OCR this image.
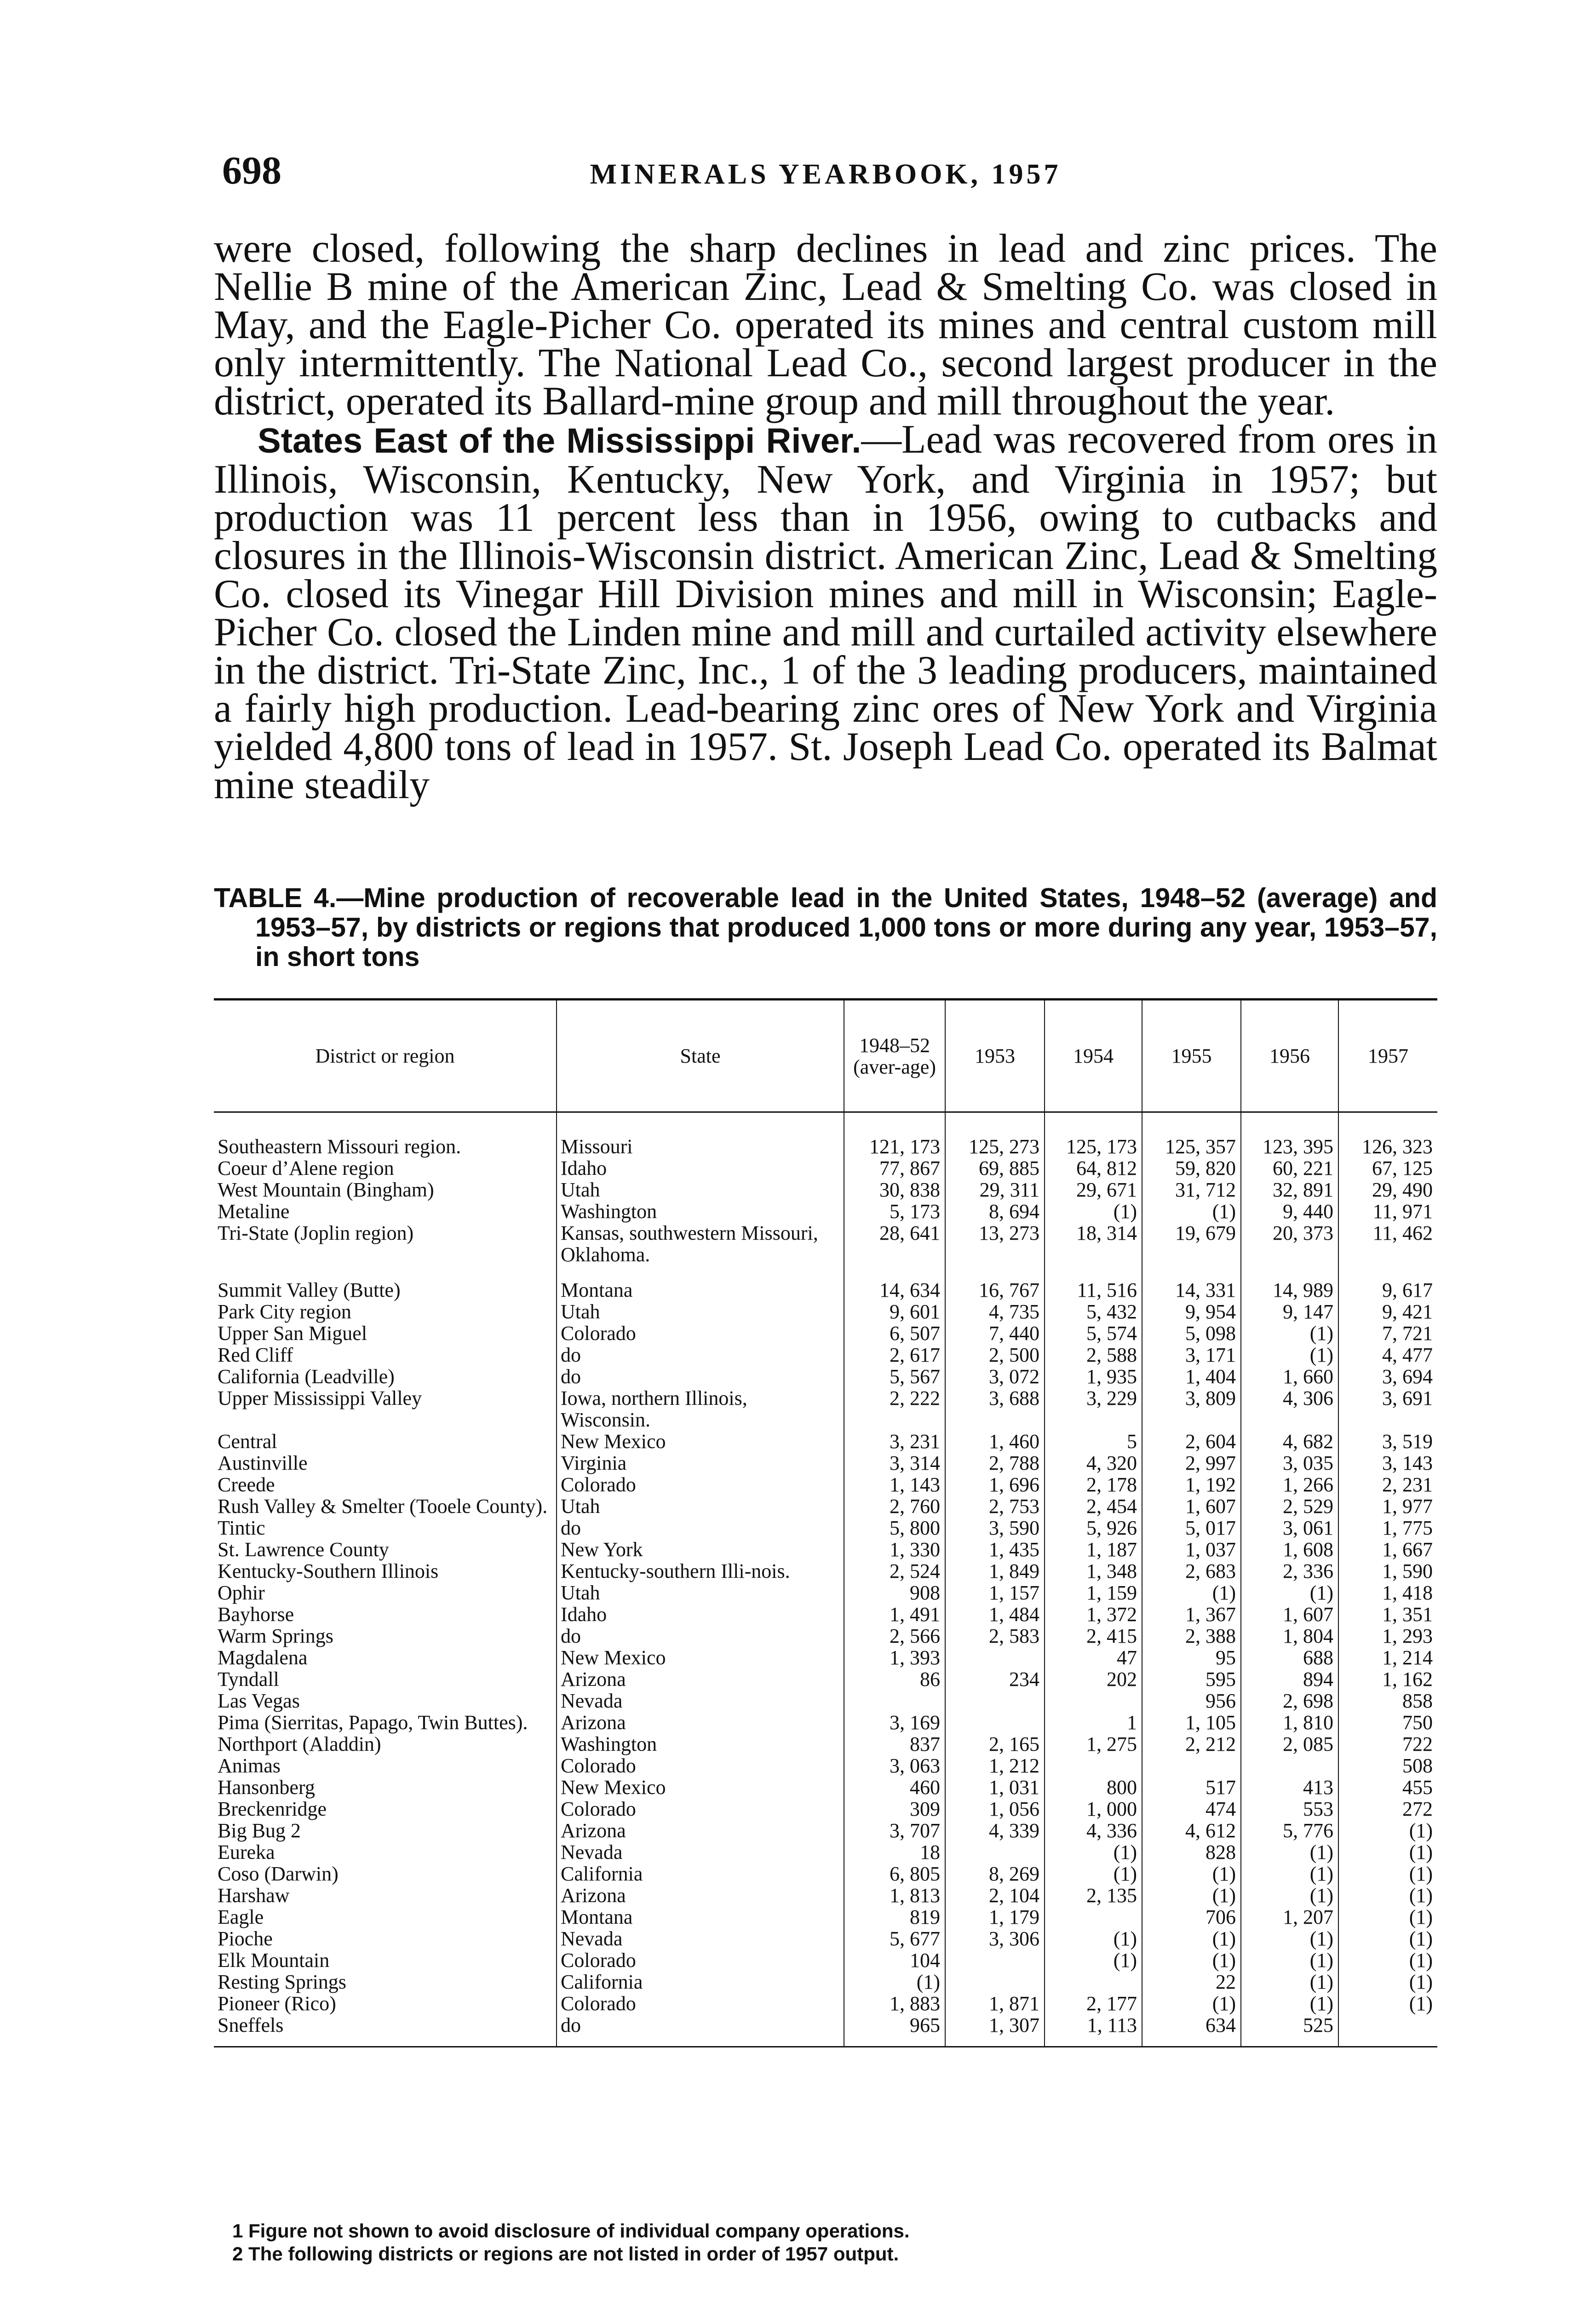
698	MINERALS YEARBOOK, 1957

were closed, following the sharp declines in lead and zinc prices. The Nellie B mine of the American Zinc, Lead & Smelting Co. was closed in May, and the Eagle-Picher Co. operated its mines and central custom mill only intermittently. The National Lead Co., second largest producer in the district, operated its Ballard-mine group and mill throughout the year.

States East of the Mississippi River.—Lead was recovered from ores in Illinois, Wisconsin, Kentucky, New York, and Virginia in 1957; but production was 11 percent less than in 1956, owing to cutbacks and closures in the Illinois-Wisconsin district. American Zinc, Lead & Smelting Co. closed its Vinegar Hill Division mines and mill in Wisconsin; Eagle-Picher Co. closed the Linden mine and mill and curtailed activity elsewhere in the district. Tri-State Zinc, Inc., 1 of the 3 leading producers, maintained a fairly high production. Lead-bearing zinc ores of New York and Virginia yielded 4,800 tons of lead in 1957. St. Joseph Lead Co. operated its Balmat mine steadily

TABLE 4.—Mine production of recoverable lead in the United States, 1948–52 (average) and 1953–57, by districts or regions that produced 1,000 tons or more during any year, 1953–57, in short tons
District or region	State	1948–52 (aver-age)	1953	1954	1955	1956	1957
Southeastern Missouri region.	Missouri	121, 173	125, 273	125, 173	125, 357	123, 395	126, 323
Coeur d’Alene region	Idaho	77, 867	69, 885	64, 812	59, 820	60, 221	67, 125
West Mountain (Bingham)	Utah	30, 838	29, 311	29, 671	31, 712	32, 891	29, 490
Metaline	Washington	5, 173	8, 694	(1)	(1)	9, 440	11, 971
Tri-State (Joplin region)	Kansas, southwestern Missouri, Oklahoma.	28, 641	13, 273	18, 314	19, 679	20, 373	11, 462
Summit Valley (Butte)	Montana	14, 634	16, 767	11, 516	14, 331	14, 989	9, 617
Park City region	Utah	9, 601	4, 735	5, 432	9, 954	9, 147	9, 421
Upper San Miguel	Colorado	6, 507	7, 440	5, 574	5, 098	(1)	7, 721
Red Cliff	do	2, 617	2, 500	2, 588	3, 171	(1)	4, 477
California (Leadville)	do	5, 567	3, 072	1, 935	1, 404	1, 660	3, 694
Upper Mississippi Valley	Iowa, northern Illinois, Wisconsin.	2, 222	3, 688	3, 229	3, 809	4, 306	3, 691
Central	New Mexico	3, 231	1, 460	5	2, 604	4, 682	3, 519
Austinville	Virginia	3, 314	2, 788	4, 320	2, 997	3, 035	3, 143
Creede	Colorado	1, 143	1, 696	2, 178	1, 192	1, 266	2, 231
Rush Valley & Smelter (Tooele County).	Utah	2, 760	2, 753	2, 454	1, 607	2, 529	1, 977
Tintic	do	5, 800	3, 590	5, 926	5, 017	3, 061	1, 775
St. Lawrence County	New York	1, 330	1, 435	1, 187	1, 037	1, 608	1, 667
Kentucky-Southern Illinois	Kentucky-southern Illi-nois.	2, 524	1, 849	1, 348	2, 683	2, 336	1, 590
Ophir	Utah	908	1, 157	1, 159	(1)	(1)	1, 418
Bayhorse	Idaho	1, 491	1, 484	1, 372	1, 367	1, 607	1, 351
Warm Springs	do	2, 566	2, 583	2, 415	2, 388	1, 804	1, 293
Magdalena	New Mexico	1, 393		47	95	688	1, 214
Tyndall	Arizona	86	234	202	595	894	1, 162
Las Vegas	Nevada				956	2, 698	858
Pima (Sierritas, Papago, Twin Buttes).	Arizona	3, 169		1	1, 105	1, 810	750
Northport (Aladdin)	Washington	837	2, 165	1, 275	2, 212	2, 085	722
Animas	Colorado	3, 063	1, 212				508
Hansonberg	New Mexico	460	1, 031	800	517	413	455
Breckenridge	Colorado	309	1, 056	1, 000	474	553	272
Big Bug 2	Arizona	3, 707	4, 339	4, 336	4, 612	5, 776	(1)
Eureka	Nevada	18		(1)	828	(1)	(1)
Coso (Darwin)	California	6, 805	8, 269	(1)	(1)	(1)	(1)
Harshaw	Arizona	1, 813	2, 104	2, 135	(1)	(1)	(1)
Eagle	Montana	819	1, 179		706	1, 207	(1)
Pioche	Nevada	5, 677	3, 306	(1)	(1)	(1)	(1)
Elk Mountain	Colorado	104		(1)	(1)	(1)	(1)
Resting Springs	California	(1)			22	(1)	(1)
Pioneer (Rico)	Colorado	1, 883	1, 871	2, 177	(1)	(1)	(1)
Sneffels	do	965	1, 307	1, 113	634	525	
1 Figure not shown to avoid disclosure of individual company operations.
2 The following districts or regions are not listed in order of 1957 output.
